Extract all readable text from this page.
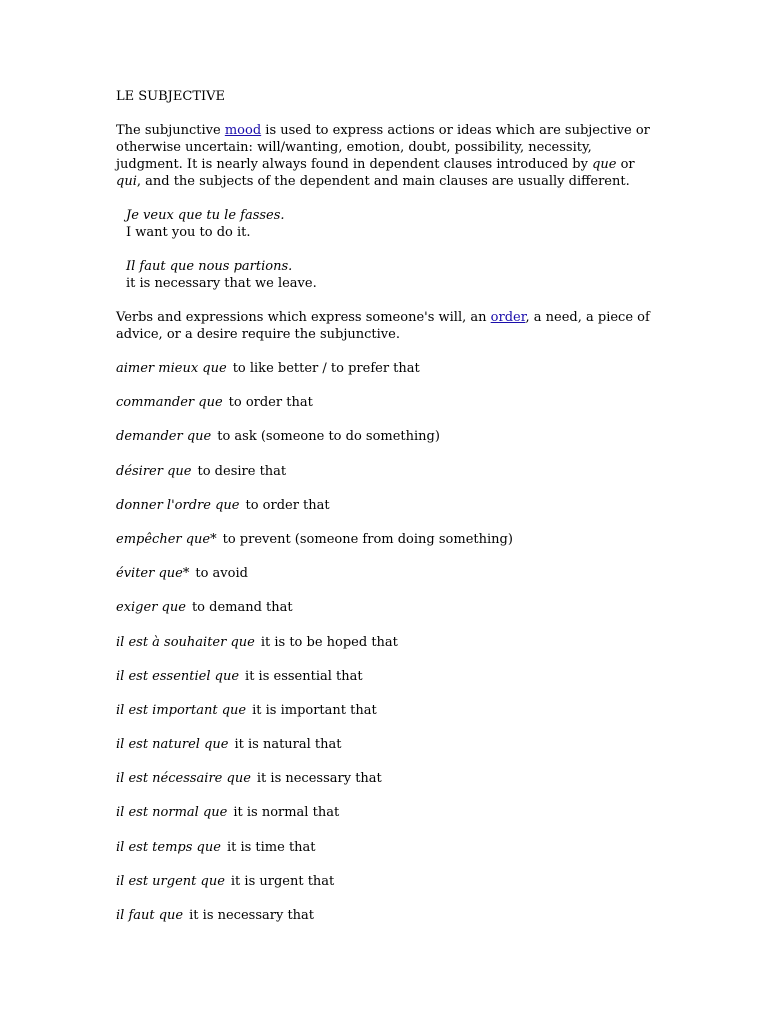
LE SUBJECTIVE

The subjunctive mood is used to express actions or ideas which are subjective or otherwise uncertain: will/wanting, emotion, doubt, possibility, necessity, judgment. It is nearly always found in dependent clauses introduced by que or qui, and the subjects of the dependent and main clauses are usually different.

Je veux que tu le fasses.
I want you to do it.
Il faut que nous partions.
it is necessary that we leave.

Verbs and expressions which express someone's will, an order, a need, a piece of advice, or a desire require the subjunctive.

aimer mieux que to like better / to prefer that
commander que to order that
demander que to ask (someone to do something)
désirer que to desire that
donner l'ordre que to order that
empêcher que* to prevent (someone from doing something)
éviter que* to avoid
exiger que to demand that
il est à souhaiter que it is to be hoped that
il est essentiel que it is essential that
il est important que it is important that
il est naturel que it is natural that
il est nécessaire que it is necessary that
il est normal que it is normal that
il est temps que it is time that
il est urgent que it is urgent that
il faut que it is necessary that
